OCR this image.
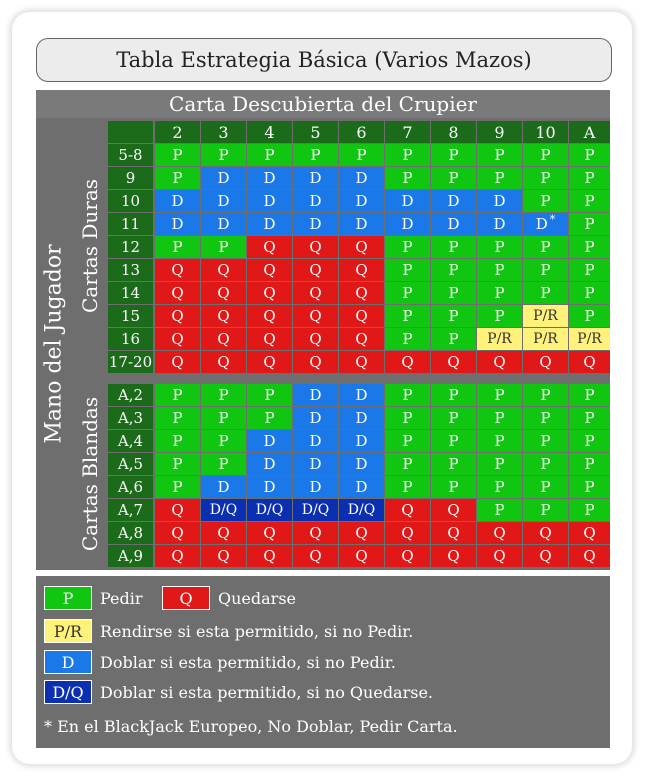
Tabla Estrategia Básica (Varios Mazos)
Carta Descubierta del Crupier
Mano del Jugador Cartas Duras
Cartas Blandas
2	3	4	5	6	7	8	9	10	A
5-8	P	P	P	P	P	P	P	P	P	P
9	P	D	D	D	D	P	P	P	P	P
10	D	D	D	D	D	D	D	D	P	P
11	D	D	D	D	D	D	D	D	D *	P
12	P	P	Q	Q	Q	P	P	P	P	P
13	Q	Q	Q	Q	Q	P	P	P	P	P
14	Q	Q	Q	Q	Q	P	P	P	P	P
15	Q	Q	Q	Q	Q	P	P	P	P/R	P
16	Q	Q	Q	Q	Q	P	P	P/R	P/R	P/R
17-20	Q	Q	Q	Q	Q	Q	Q	Q	Q	Q
A,2	P	P	P	D	D	P	P	P	P	P
A,3	P	P	P	D	D	P	P	P	P	P
A,4	P	P	D	D	D	P	P	P	P	P
A,5	P	P	D	D	D	P	P	P	P	P
A,6	P	D	D	D	D	P	P	P	P	P
A,7	Q	D/Q	D/Q	D/Q	D/Q	Q	Q	P	P	P
A,8	Q	Q	Q	Q	Q	Q	Q	Q	Q	Q
A,9	Q	Q	Q	Q	Q	Q	Q	Q	Q	Q
P	Pedir	Q	Quedarse
P/R	Rendirse si esta permitido, si no Pedir.
D	Doblar si esta permitido, si no Pedir.
D/Q	Doblar si esta permitido, si no Quedarse.
* En el BlackJack Europeo, No Doblar, Pedir Carta.
